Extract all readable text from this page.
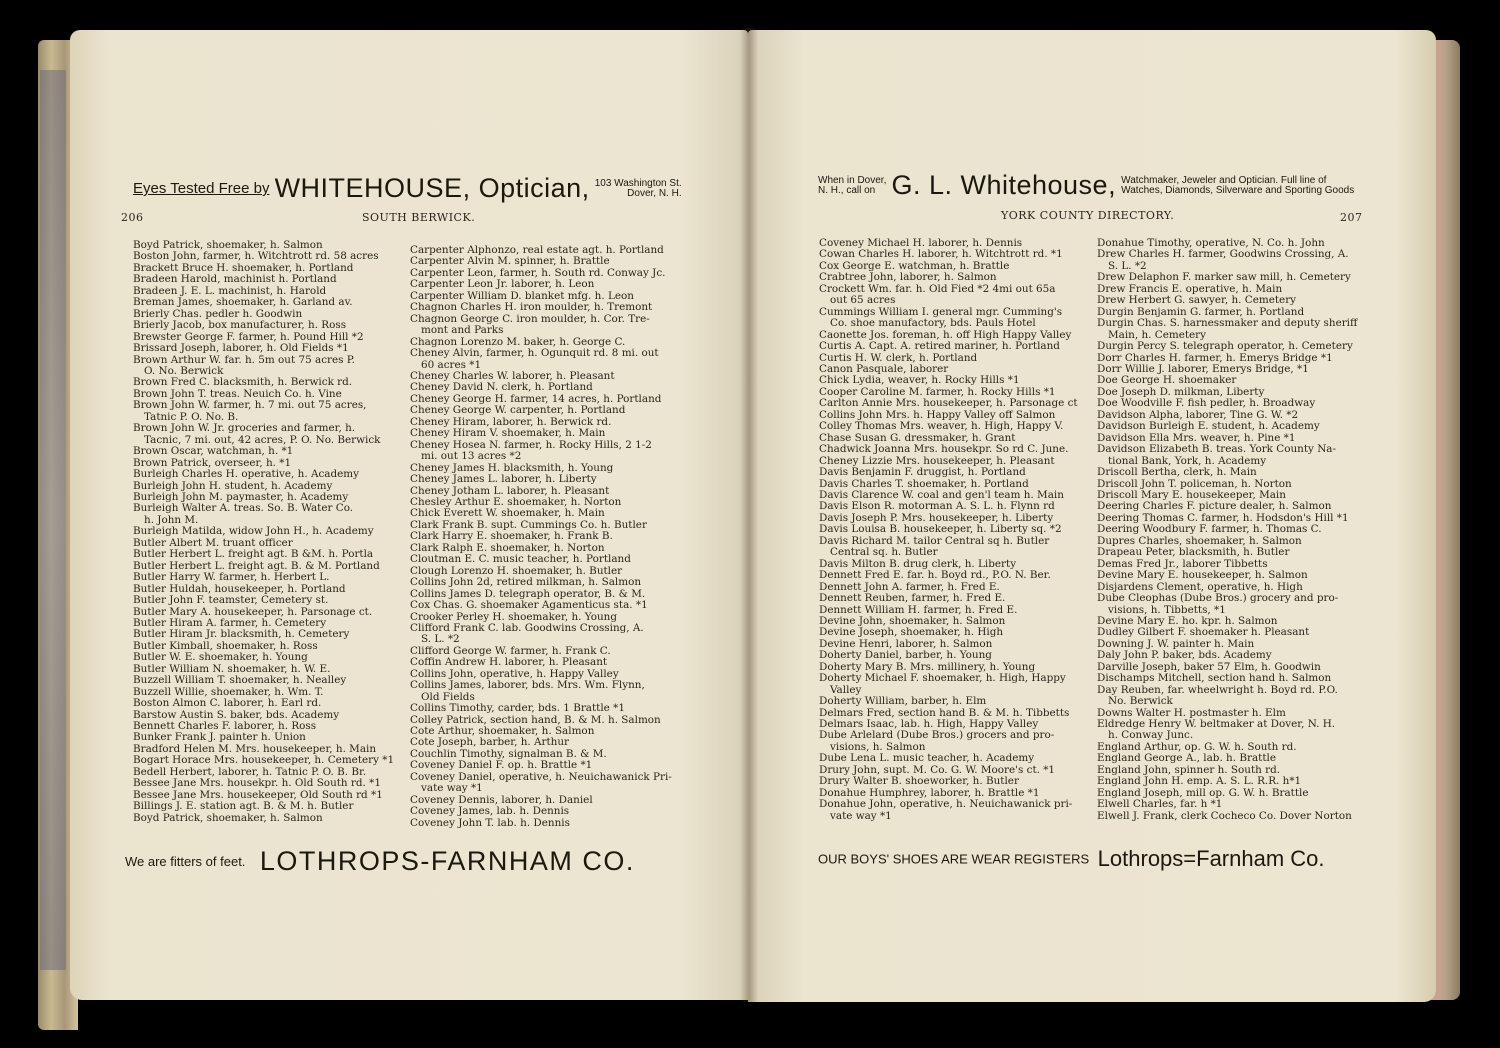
Eyes Tested Free by WHITEHOUSE, Optician, 103 Washington St.
Dover, N. H.
206	SOUTH BERWICK.
Boyd Patrick, shoemaker, h. Salmon
Boston John, farmer, h. Witchtrott rd. 58 acres
Brackett Bruce H. shoemaker, h. Portland
Bradeen Harold, machinist h. Portland
Bradeen J. E. L. machinist, h. Harold
Breman James, shoemaker, h. Garland av.
Brierly Chas. pedler h. Goodwin
Brierly Jacob, box manufacturer, h. Ross
Brewster George F. farmer, h. Pound Hill *2
Brissard Joseph, laborer, h. Old Fields *1
Brown Arthur W. far. h. 5m out 75 acres P.
O. No. Berwick
Brown Fred C. blacksmith, h. Berwick rd.
Brown John T. treas. Neuich Co. h. Vine
Brown John W. farmer, h. 7 mi. out 75 acres,
Tatnic P. O. No. B.
Brown John W. Jr. groceries and farmer, h.
Tacnic, 7 mi. out, 42 acres, P. O. No. Berwick
Brown Oscar, watchman, h. *1
Brown Patrick, overseer, h. *1
Burleigh Charles H. operative, h. Academy
Burleigh John H. student, h. Academy
Burleigh John M. paymaster, h. Academy
Burleigh Walter A. treas. So. B. Water Co.
h. John M.
Burleigh Matilda, widow John H., h. Academy
Butler Albert M. truant officer
Butler Herbert L. freight agt. B &M. h. Portla
Butler Herbert L. freight agt. B. & M. Portland
Butler Harry W. farmer, h. Herbert L.
Butler Huldah, housekeeper, h. Portland
Butler John F. teamster, Cemetery st.
Butler Mary A. housekeeper, h. Parsonage ct.
Butler Hiram A. farmer, h. Cemetery
Butler Hiram Jr. blacksmith, h. Cemetery
Butler Kimball, shoemaker, h. Ross
Butler W. E. shoemaker, h. Young
Butler William N. shoemaker, h. W. E.
Buzzell William T. shoemaker, h. Nealley
Buzzell Willie, shoemaker, h. Wm. T.
Boston Almon C. laborer, h. Earl rd.
Barstow Austin S. baker, bds. Academy
Bennett Charles F. laborer, h. Ross
Bunker Frank J. painter h. Union
Bradford Helen M. Mrs. housekeeper, h. Main
Bogart Horace Mrs. housekeeper, h. Cemetery *1
Bedell Herbert, laborer, h. Tatnic P. O. B. Br.
Bessee Jane Mrs. housekpr. h. Old South rd. *1
Bessee Jane Mrs. housekeeper, Old South rd *1
Billings J. E. station agt. B. & M. h. Butler
Boyd Patrick, shoemaker, h. Salmon
Carpenter Alphonzo, real estate agt. h. Portland
Carpenter Alvin M. spinner, h. Brattle
Carpenter Leon, farmer, h. South rd. Conway Jc.
Carpenter Leon Jr. laborer, h. Leon
Carpenter William D. blanket mfg. h. Leon
Chagnon Charles H. iron moulder, h. Tremont
Chagnon George C. iron moulder, h. Cor. Tre-
mont and Parks
Chagnon Lorenzo M. baker, h. George C.
Cheney Alvin, farmer, h. Ogunquit rd. 8 mi. out
60 acres *1
Cheney Charles W. laborer, h. Pleasant
Cheney David N. clerk, h. Portland
Cheney George H. farmer, 14 acres, h. Portland
Cheney George W. carpenter, h. Portland
Cheney Hiram, laborer, h. Berwick rd.
Cheney Hiram V. shoemaker, h. Main
Cheney Hosea N. farmer, h. Rocky Hills, 2 1-2
mi. out 13 acres *2
Cheney James H. blacksmith, h. Young
Cheney James L. laborer, h. Liberty
Cheney Jotham L. laborer, h. Pleasant
Chesley Arthur E. shoemaker, h. Norton
Chick Everett W. shoemaker, h. Main
Clark Frank B. supt. Cummings Co. h. Butler
Clark Harry E. shoemaker, h. Frank B.
Clark Ralph E. shoemaker, h. Norton
Cloutman E. C. music teacher, h. Portland
Clough Lorenzo H. shoemaker, h. Butler
Collins John 2d, retired milkman, h. Salmon
Collins James D. telegraph operator, B. & M.
Cox Chas. G. shoemaker Agamenticus sta. *1
Crooker Perley H. shoemaker, h. Young
Clifford Frank C. lab. Goodwins Crossing, A.
S. L. *2
Clifford George W. farmer, h. Frank C.
Coffin Andrew H. laborer, h. Pleasant
Collins John, operative, h. Happy Valley
Collins James, laborer, bds. Mrs. Wm. Flynn,
Old Fields
Collins Timothy, carder, bds. 1 Brattle *1
Colley Patrick, section hand, B. & M. h. Salmon
Cote Arthur, shoemaker, h. Salmon
Cote Joseph, barber, h. Arthur
Couchlin Timothy, signalman B. & M.
Coveney Daniel F. op. h. Brattle *1
Coveney Daniel, operative, h. Neuichawanick Pri-
vate way *1
Coveney Dennis, laborer, h. Daniel
Coveney James, lab. h. Dennis
Coveney John T. lab. h. Dennis
We are fitters of feet. LOTHROPS-FARNHAM CO.
When in Dover,
N. H., call on G. L. Whitehouse, Watchmaker, Jeweler and Optician. Full line of
Watches, Diamonds, Silverware and Sporting Goods
YORK COUNTY DIRECTORY.	207
Coveney Michael H. laborer, h. Dennis
Cowan Charles H. laborer, h. Witchtrott rd. *1
Cox George E. watchman, h. Brattle
Crabtree John, laborer, h. Salmon
Crockett Wm. far. h. Old Fied *2 4mi out 65a
out 65 acres
Cummings William I. general mgr. Cumming's
Co. shoe manufactory, bds. Pauls Hotel
Caonette Jos. foreman, h. off High Happy Valley
Curtis A. Capt. A. retired mariner, h. Portland
Curtis H. W. clerk, h. Portland
Canon Pasquale, laborer
Chick Lydia, weaver, h. Rocky Hills *1
Cooper Caroline M. farmer, h. Rocky Hills *1
Carlton Annie Mrs. housekeeper, h. Parsonage ct
Collins John Mrs. h. Happy Valley off Salmon
Colley Thomas Mrs. weaver, h. High, Happy V.
Chase Susan G. dressmaker, h. Grant
Chadwick Joanna Mrs. housekpr. So rd C. June.
Cheney Lizzie Mrs. housekeeper, h. Pleasant
Davis Benjamin F. druggist, h. Portland
Davis Charles T. shoemaker, h. Portland
Davis Clarence W. coal and gen'l team h. Main
Davis Elson R. motorman A. S. L. h. Flynn rd
Davis Joseph P. Mrs. housekeeper, h. Liberty
Davis Louisa B. housekeeper, h. Liberty sq. *2
Davis Richard M. tailor Central sq h. Butler
Central sq. h. Butler
Davis Milton B. drug clerk, h. Liberty
Dennett Fred E. far. h. Boyd rd., P.O. N. Ber.
Dennett John A. farmer, h. Fred E.
Dennett Reuben, farmer, h. Fred E.
Dennett William H. farmer, h. Fred E.
Devine John, shoemaker, h. Salmon
Devine Joseph, shoemaker, h. High
Devine Henri, laborer, h. Salmon
Doherty Daniel, barber, h. Young
Doherty Mary B. Mrs. millinery, h. Young
Doherty Michael F. shoemaker, h. High, Happy
Valley
Doherty William, barber, h. Elm
Delmars Fred, section hand B. & M. h. Tibbetts
Delmars Isaac, lab. h. High, Happy Valley
Dube Arlelard (Dube Bros.) grocers and pro-
visions, h. Salmon
Dube Lena L. music teacher, h. Academy
Drury John, supt. M. Co. G. W. Moore's ct. *1
Drury Walter B. shoeworker, h. Butler
Donahue Humphrey, laborer, h. Brattle *1
Donahue John, operative, h. Neuichawanick pri-
vate way *1
Donahue Timothy, operative, N. Co. h. John
Drew Charles H. farmer, Goodwins Crossing, A.
S. L. *2
Drew Delaphon F. marker saw mill, h. Cemetery
Drew Francis E. operative, h. Main
Drew Herbert G. sawyer, h. Cemetery
Durgin Benjamin G. farmer, h. Portland
Durgin Chas. S. harnessmaker and deputy sheriff
Main, h. Cemetery
Durgin Percy S. telegraph operator, h. Cemetery
Dorr Charles H. farmer, h. Emerys Bridge *1
Dorr Willie J. laborer, Emerys Bridge, *1
Doe George H. shoemaker
Doe Joseph D. milkman, Liberty
Doe Woodville F. fish pedler, h. Broadway
Davidson Alpha, laborer, Tine G. W. *2
Davidson Burleigh E. student, h. Academy
Davidson Ella Mrs. weaver, h. Pine *1
Davidson Elizabeth B. treas. York County Na-
tional Bank, York, h. Academy
Driscoll Bertha, clerk, h. Main
Driscoll John T. policeman, h. Norton
Driscoll Mary E. housekeeper, Main
Deering Charles F. picture dealer, h. Salmon
Deering Thomas C. farmer, h. Hodsdon's Hill *1
Deering Woodbury F. farmer, h. Thomas C.
Dupres Charles, shoemaker, h. Salmon
Drapeau Peter, blacksmith, h. Butler
Demas Fred Jr., laborer Tibbetts
Devine Mary E. housekeeper, h. Salmon
Disjardens Clement, operative, h. High
Dube Cleophas (Dube Bros.) grocery and pro-
visions, h. Tibbetts, *1
Devine Mary E. ho. kpr. h. Salmon
Dudley Gilbert F. shoemaker h. Pleasant
Downing J. W. painter h. Main
Daly John P. baker, bds. Academy
Darville Joseph, baker 57 Elm, h. Goodwin
Dischamps Mitchell, section hand h. Salmon
Day Reuben, far. wheelwright h. Boyd rd. P.O.
No. Berwick
Downs Walter H. postmaster h. Elm
Eldredge Henry W. beltmaker at Dover, N. H.
h. Conway Junc.
England Arthur, op. G. W. h. South rd.
England George A., lab. h. Brattle
England John, spinner h. South rd.
England John H. emp. A. S. L. R.R. h*1
England Joseph, mill op. G. W. h. Brattle
Elwell Charles, far. h *1
Elwell J. Frank, clerk Cocheco Co. Dover Norton
OUR BOYS' SHOES ARE WEAR REGISTERS Lothrops=Farnham Co.
